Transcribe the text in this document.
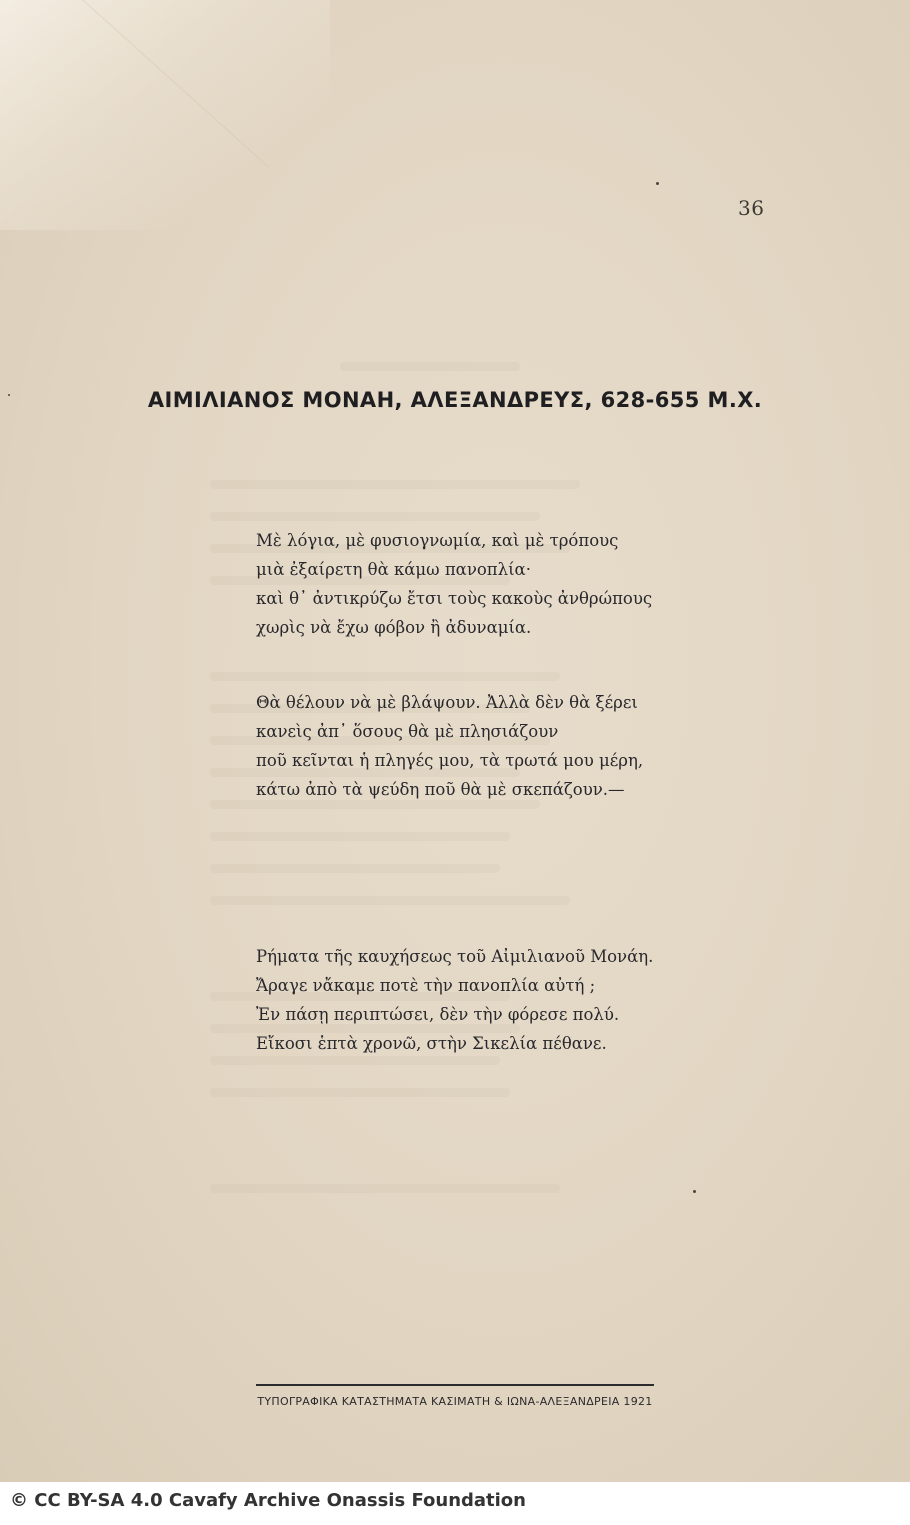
36
ΑΙΜΙΛΙΑΝΟΣ ΜΟΝΑΗ, ΑΛΕΞΑΝΔΡΕΥΣ, 628-655 Μ.Χ.
Μὲ λόγια, μὲ φυσιογνωμία, καὶ μὲ τρόπους
μιὰ ἐξαίρετη θὰ κάμω πανοπλία·
καὶ θ᾽ ἀντικρύζω ἔτσι τοὺς κακοὺς ἀνθρώπους
χωρὶς νὰ ἔχω φόβον ἢ ἀδυναμία.
Θὰ θέλουν νὰ μὲ βλάψουν. Ἀλλὰ δὲν θὰ ξέρει
κανεὶς ἀπ᾽ ὅσους θὰ μὲ πλησιάζουν
ποῦ κεῖνται ἡ πληγές μου, τὰ τρωτά μου μέρη,
κάτω ἀπὸ τὰ ψεύδη ποῦ θὰ μὲ σκεπάζουν.—
Ρήματα τῆς καυχήσεως τοῦ Αἰμιλιανοῦ Μονάη.
Ἄραγε νἄκαμε ποτὲ τὴν πανοπλία αὐτή ;
Ἐν πάσῃ περιπτώσει, δὲν τὴν φόρεσε πολύ.
Εἴκοσι ἑπτὰ χρονῶ, στὴν Σικελία πέθανε.
ΤΥΠΟΓΡΑΦΙΚΑ ΚΑΤΑΣΤΗΜΑΤΑ ΚΑΣΙΜΑΤΗ & ΙΩΝΑ-ΑΛΕΞΑΝΔΡΕΙΑ 1921
© CC BY-SA 4.0 Cavafy Archive Onassis Foundation
